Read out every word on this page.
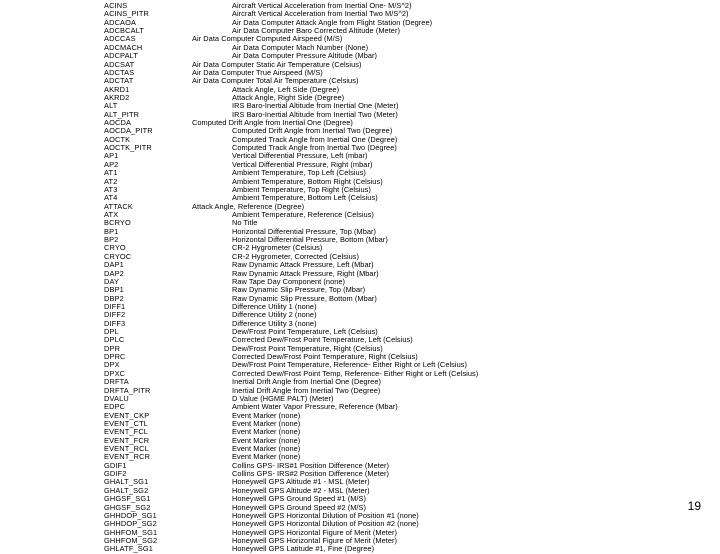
ACINS	Aircraft Vertical Acceleration from Inertial One- M/S^2)
ACINS_PITR	Aircraft Vertical Acceleration from Inertial Two M/S^2)
ADCAOA	Air Data Computer Attack Angle from Flight Station (Degree)
ADCBCALT	Air Data Computer Baro Corrected Altitude (Meter)
ADCCAS	Air Data Computer Computed Airspeed (M/S)
ADCMACH	Air Data Computer Mach Number (None)
ADCPALT	Air Data Computer Pressure Altitude (Mbar)
ADCSAT	Air Data Computer Static Air Temperature (Celsius)
ADCTAS	Air Data Computer True Airspeed (M/S)
ADCTAT	Air Data Computer Total Air Temperature (Celsius)
AKRD1	Attack Angle, Left Side (Degree)
AKRD2	Attack Angle, Right Side (Degree)
ALT	IRS Baro-Inertial Altitude from Inertial One (Meter)
ALT_PITR	IRS Baro-Inertial Altitude from Inertial Two (Meter)
AOCDA	Computed Drift Angle from Inertial One (Degree)
AOCDA_PITR	Computed Drift Angle from Inertial Two (Degree)
AOCTK	Computed Track Angle from Inertial One (Degree)
AOCTK_PITR	Computed Track Angle from Inertial Two (Degree)
AP1	Vertical Differential Pressure, Left (mbar)
AP2	Vertical Differential Pressure, Right (mbar)
AT1	Ambient Temperature, Top Left (Celsius)
AT2	Ambient Temperature, Bottom Right (Celsius)
AT3	Ambient Temperature, Top Right (Celsius)
AT4	Ambient Temperature, Bottom Left (Celsius)
ATTACK	Attack Angle, Reference (Degree)
ATX	Ambient Temperature, Reference (Celsius)
BCRYO	No Title
BP1	Horizontal Differential Pressure, Top (Mbar)
BP2	Horizontal Differential Pressure, Bottom (Mbar)
CRYO	CR-2 Hygrometer (Celsius)
CRYOC	CR-2 Hygrometer, Corrected (Celsius)
DAP1	Raw Dynamic Attack Pressure, Left (Mbar)
DAP2	Raw Dynamic Attack Pressure, Right (Mbar)
DAY	Raw Tape Day Component (none)
DBP1	Raw Dynamic Slip Pressure, Top (Mbar)
DBP2	Raw Dynamic Slip Pressure, Bottom (Mbar)
DIFF1	Difference Utility 1 (none)
DIFF2	Difference Utility 2 (none)
DIFF3	Difference Utility 3 (none)
DPL	Dew/Frost Point Temperature, Left (Celsius)
DPLC	Corrected Dew/Frost Point Temperature, Left (Celsius)
DPR	Dew/Frost Point Temperature, Right (Celsius)
DPRC	Corrected Dew/Frost Point Temperature, Right (Celsius)
DPX	Dew/Frost Point Temperature, Reference- Either Right or Left (Celsius)
DPXC	Corrected Dew/Frost Point Temp, Reference- Either Right or Left (Celsius)
DRFTA	Inertial Drift Angle from Inertial One (Degree)
DRFTA_PITR	Inertial Drift Angle from Inertial Two (Degree)
DVALU	D Value (HGME PALT) (Meter)
EDPC	Ambient Water Vapor Pressure, Reference (Mbar)
EVENT_CKP	Event Marker (none)
EVENT_CTL	Event Marker (none)
EVENT_FCL	Event Marker (none)
EVENT_FCR	Event Marker (none)
EVENT_RCL	Event Marker (none)
EVENT_RCR	Event Marker (none)
GDIF1	Collins GPS- IRS#1 Position Difference (Meter)
GDIF2	Collins GPS- IRS#2 Position Difference (Meter)
GHALT_SG1	Honeywell GPS Altitude #1 - MSL (Meter)
GHALT_SG2	Honeywell GPS Altitude #2 - MSL (Meter)
GHGSF_SG1	Honeywell GPS Ground Speed #1 (M/S)
GHGSF_SG2	Honeywell GPS Ground Speed #2 (M/S)
GHHDOP_SG1	Honeywell GPS Horizontal Dilution of Position #1 (none)
GHHDOP_SG2	Honeywell GPS Horizontal Dilution of Position #2 (none)
GHHFOM_SG1	Honeywell GPS Horizontal Figure of Merit (Meter)
GHHFOM_SG2	Honeywell GPS Horizontal Figure of Merit (Meter)
GHLATF_SG1	Honeywell GPS Latitude #1, Fine (Degree)
19
